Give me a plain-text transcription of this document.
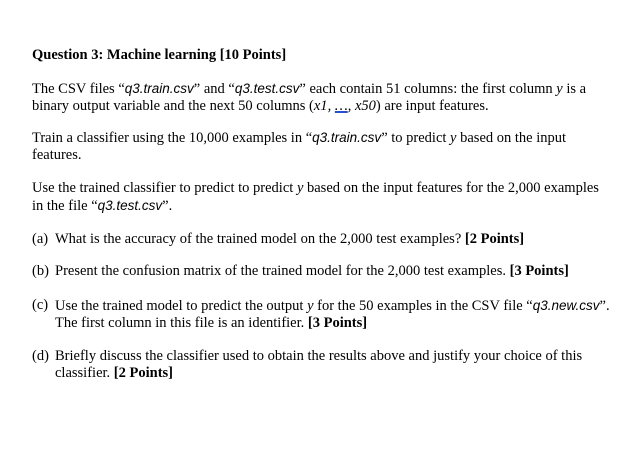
Question 3: Machine learning [10 Points]
The CSV files “q3.train.csv” and “q3.test.csv” each contain 51 columns: the first column y is a binary output variable and the next 50 columns (x1, …, x50) are input features.
Train a classifier using the 10,000 examples in “q3.train.csv” to predict y based on the input features.
Use the trained classifier to predict to predict y based on the input features for the 2,000 examples in the file “q3.test.csv”.
(a) What is the accuracy of the trained model on the 2,000 test examples? [2 Points]
(b) Present the confusion matrix of the trained model for the 2,000 test examples. [3 Points]
(c) Use the trained model to predict the output y for the 50 examples in the CSV file “q3.new.csv”. The first column in this file is an identifier. [3 Points]
(d) Briefly discuss the classifier used to obtain the results above and justify your choice of this classifier. [2 Points]
